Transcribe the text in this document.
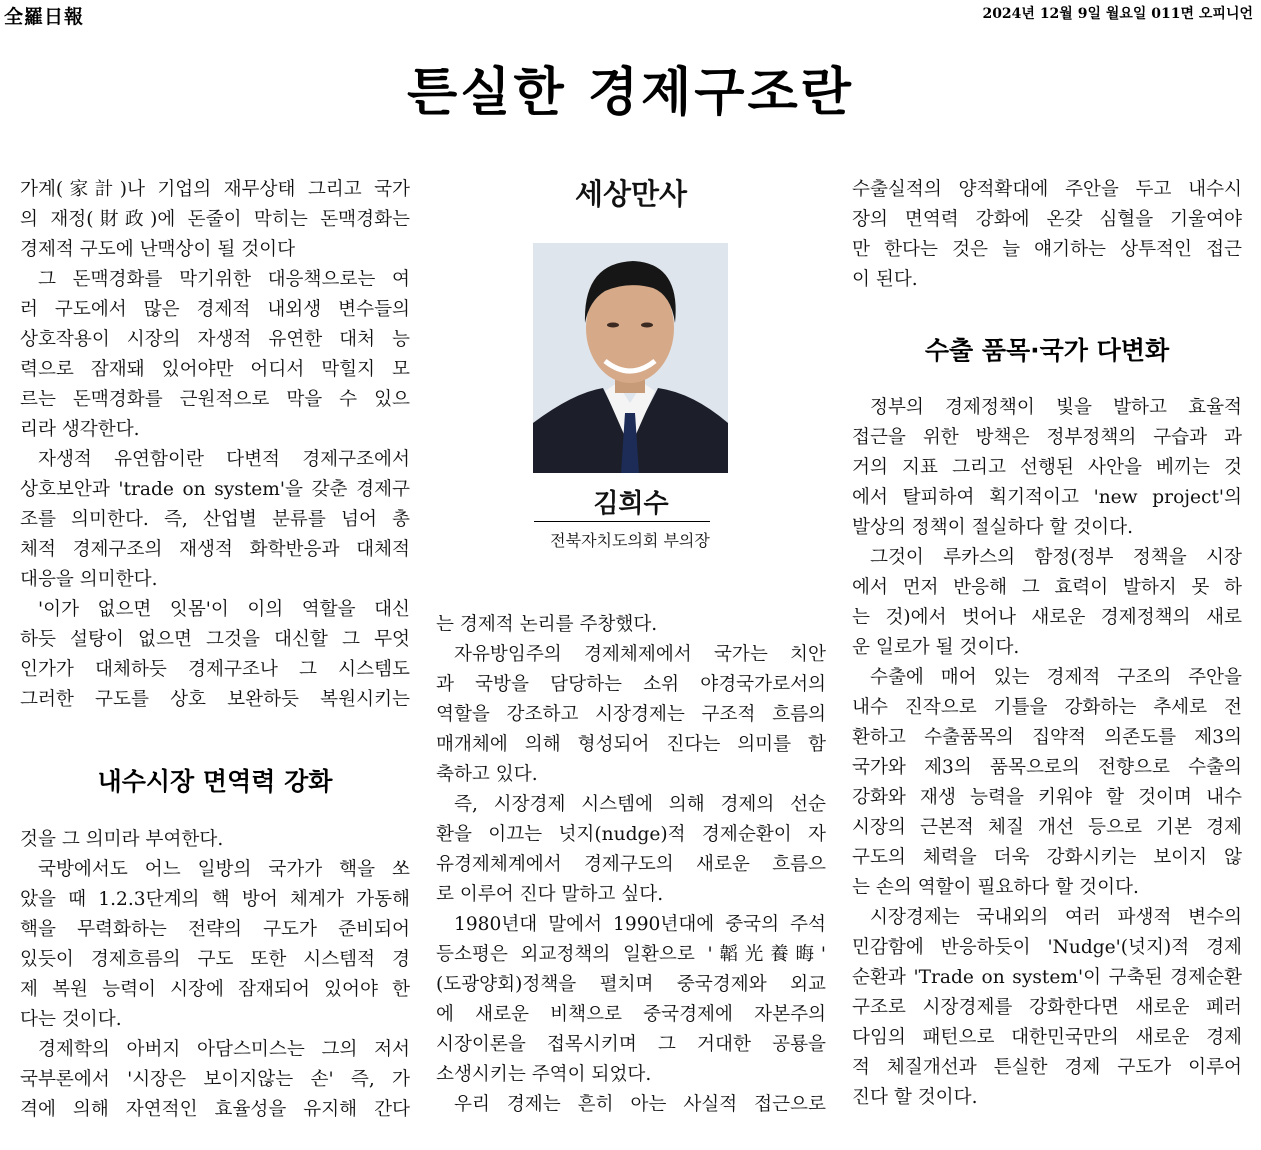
全羅日報	2024년 12월 9일 월요일 011면 오피니언
튼실한 경제구조란
가계(家計)나 기업의 재무상태 그리고 국가
의 재정(財政)에 돈줄이 막히는 돈맥경화는
경제적 구도에 난맥상이 될 것이다
그 돈맥경화를 막기위한 대응책으로는 여
러 구도에서 많은 경제적 내외생 변수들의
상호작용이 시장의 자생적 유연한 대처 능
력으로 잠재돼 있어야만 어디서 막힐지 모
르는 돈맥경화를 근원적으로 막을 수 있으
리라 생각한다.
자생적 유연함이란 다변적 경제구조에서
상호보안과 'trade on system'을 갖춘 경제구
조를 의미한다. 즉, 산업별 분류를 넘어 총
체적 경제구조의 재생적 화학반응과 대체적
대응을 의미한다.
'이가 없으면 잇몸'이 이의 역할을 대신
하듯 설탕이 없으면 그것을 대신할 그 무엇
인가가 대체하듯 경제구조나 그 시스템도
그러한 구도를 상호 보완하듯 복원시키는
내수시장 면역력 강화
것을 그 의미라 부여한다.
국방에서도 어느 일방의 국가가 핵을 쏘
았을 때 1.2.3단계의 핵 방어 체계가 가동해
핵을 무력화하는 전략의 구도가 준비되어
있듯이 경제흐름의 구도 또한 시스템적 경
제 복원 능력이 시장에 잠재되어 있어야 한
다는 것이다.
경제학의 아버지 아담스미스는 그의 저서
국부론에서 '시장은 보이지않는 손' 즉, 가
격에 의해 자연적인 효율성을 유지해 간다
세상만사
김희수
전북자치도의회 부의장
는 경제적 논리를 주창했다.
자유방임주의 경제체제에서 국가는 치안
과 국방을 담당하는 소위 야경국가로서의
역할을 강조하고 시장경제는 구조적 흐름의
매개체에 의해 형성되어 진다는 의미를 함
축하고 있다.
즉, 시장경제 시스템에 의해 경제의 선순
환을 이끄는 넛지(nudge)적 경제순환이 자
유경제체계에서 경제구도의 새로운 흐름으
로 이루어 진다 말하고 싶다.
1980년대 말에서 1990년대에 중국의 주석
등소평은 외교정책의 일환으로 '韜光養晦'
(도광양회)정책을 펼치며 중국경제와 외교
에 새로운 비책으로 중국경제에 자본주의
시장이론을 접목시키며 그 거대한 공룡을
소생시키는 주역이 되었다.
우리 경제는 흔히 아는 사실적 접근으로
수출실적의 양적확대에 주안을 두고 내수시
장의 면역력 강화에 온갖 심혈을 기울여야
만 한다는 것은 늘 얘기하는 상투적인 접근
이 된다.
수출 품목·국가 다변화
정부의 경제정책이 빛을 발하고 효율적
접근을 위한 방책은 정부정책의 구습과 과
거의 지표 그리고 선행된 사안을 베끼는 것
에서 탈피하여 획기적이고 'new project'의
발상의 정책이 절실하다 할 것이다.
그것이 루카스의 함정(정부 정책을 시장
에서 먼저 반응해 그 효력이 발하지 못 하
는 것)에서 벗어나 새로운 경제정책의 새로
운 일로가 될 것이다.
수출에 매어 있는 경제적 구조의 주안을
내수 진작으로 기틀을 강화하는 추세로 전
환하고 수출품목의 집약적 의존도를 제3의
국가와 제3의 품목으로의 전향으로 수출의
강화와 재생 능력을 키워야 할 것이며 내수
시장의 근본적 체질 개선 등으로 기본 경제
구도의 체력을 더욱 강화시키는 보이지 않
는 손의 역할이 필요하다 할 것이다.
시장경제는 국내외의 여러 파생적 변수의
민감함에 반응하듯이 'Nudge'(넛지)적 경제
순환과 'Trade on system'이 구축된 경제순환
구조로 시장경제를 강화한다면 새로운 페러
다임의 패턴으로 대한민국만의 새로운 경제
적 체질개선과 튼실한 경제 구도가 이루어
진다 할 것이다.
